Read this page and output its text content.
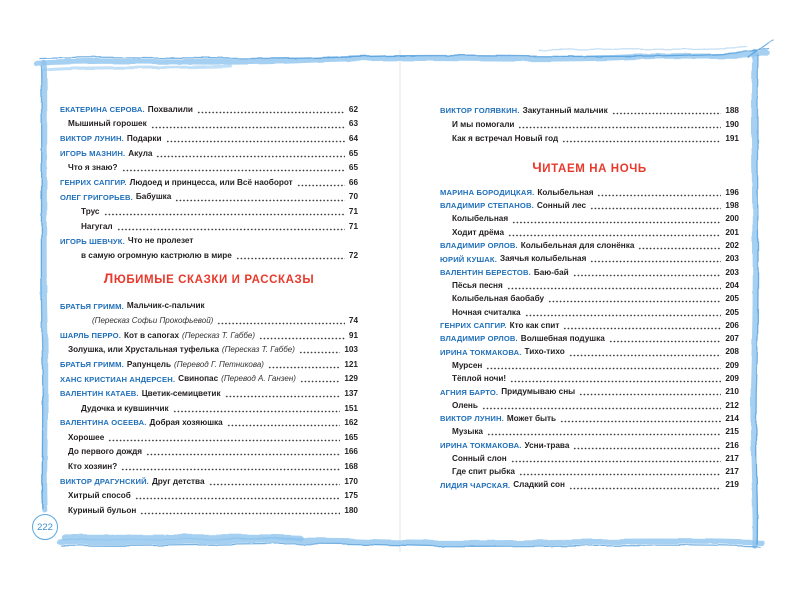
ЕКАТЕРИНА СЕРОВА. Похвалили	62
Мышиный горошек	63
ВИКТОР ЛУНИН. Подарки	64
ИГОРЬ МАЗНИН. Акула	65
Что я знаю?	65
ГЕНРИХ САПГИР. Людоед и принцесса, или Всё наоборот	66
ОЛЕГ ГРИГОРЬЕВ. Бабушка	70
Трус	71
Нагугал	71
ИГОРЬ ШЕВЧУК. Что не пролезет
в самую огромную кастрюлю в мире	72
ЛЮБИМЫЕ СКАЗКИ И РАССКАЗЫ
БРАТЬЯ ГРИММ. Мальчик-с-пальчик
(Пересказ Софьи Прокофьевой)	74
ШАРЛЬ ПЕРРО. Кот в сапогах (Пересказ Т. Габбе)	91
Золушка, или Хрустальная туфелька (Пересказ Т. Габбе)	103
БРАТЬЯ ГРИММ. Рапунцель (Перевод Г. Петникова)	121
ХАНС КРИСТИАН АНДЕРСЕН. Свинопас (Перевод А. Ганзен)	129
ВАЛЕНТИН КАТАЕВ. Цветик-семицветик	137
Дудочка и кувшинчик	151
ВАЛЕНТИНА ОСЕЕВА. Добрая хозяюшка	162
Хорошее	165
До первого дождя	166
Кто хозяин?	168
ВИКТОР ДРАГУНСКИЙ. Друг детства	170
Хитрый способ	175
Куриный бульон	180
ВИКТОР ГОЛЯВКИН. Закутанный мальчик	188
И мы помогали	190
Как я встречал Новый год	191
ЧИТАЕМ НА НОЧЬ
МАРИНА БОРОДИЦКАЯ. Колыбельная	196
ВЛАДИМИР СТЕПАНОВ. Сонный лес	198
Колыбельная	200
Ходит дрёма	201
ВЛАДИМИР ОРЛОВ. Колыбельная для слонёнка	202
ЮРИЙ КУШАК. Заячья колыбельная	203
ВАЛЕНТИН БЕРЕСТОВ. Баю-бай	203
Пёсья песня	204
Колыбельная баобабу	205
Ночная считалка	205
ГЕНРИХ САПГИР. Кто как спит	206
ВЛАДИМИР ОРЛОВ. Волшебная подушка	207
ИРИНА ТОКМАКОВА. Тихо-тихо	208
Мурсен	209
Тёплой ночи!	209
АГНИЯ БАРТО. Придумываю сны	210
Олень	212
ВИКТОР ЛУНИН. Может быть	214
Музыка	215
ИРИНА ТОКМАКОВА. Усни-трава	216
Сонный слон	217
Где спит рыбка	217
ЛИДИЯ ЧАРСКАЯ. Сладкий сон	219
222
